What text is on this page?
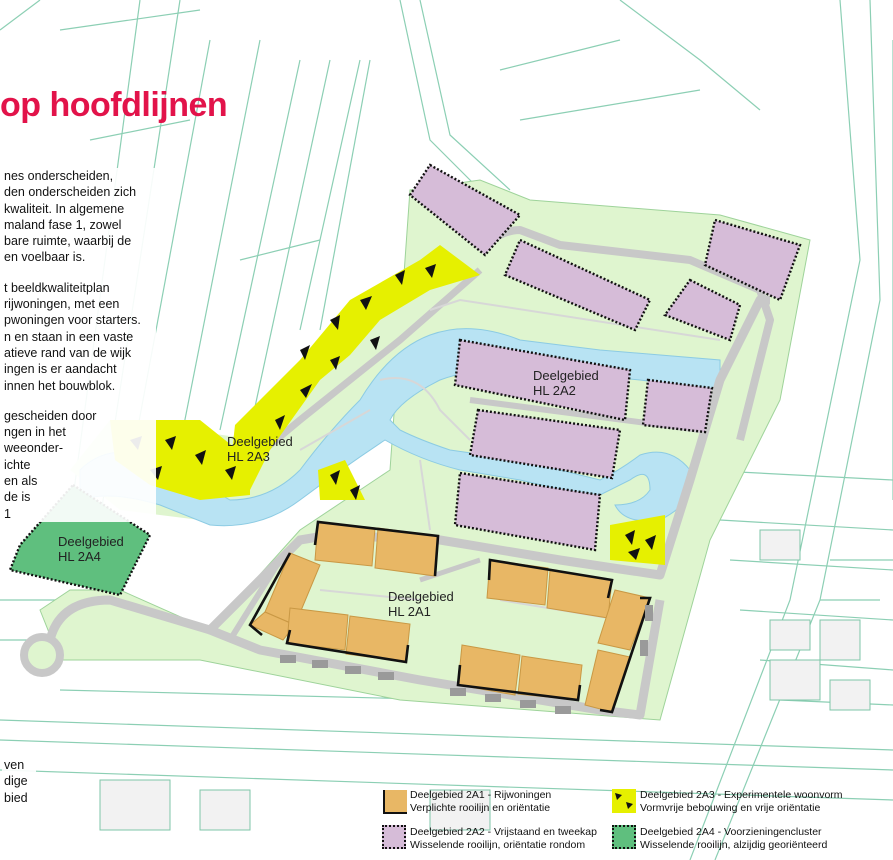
op hoofdlijnen

nes onderscheiden,

den onderscheiden zich

kwaliteit. In algemene

maland fase 1, zowel

bare ruimte, waarbij de

en voelbaar is.

t beeldkwaliteitplan

rijwoningen, met een

pwoningen voor starters.

n en staan in een vaste

atieve rand van de wijk

ingen is er aandacht

innen het bouwblok.

gescheiden door

ngen in het

weeonder-

ichte

en als

de is

1

ven

dige

bied

Deelgebied
HL 2A3
Deelgebied
HL 2A2
Deelgebied
HL 2A4
Deelgebied
HL 2A1
Deelgebied 2A1 - Rijwoningen
Verplichte rooilijn en oriëntatie
Deelgebied 2A3 - Experimentele woonvorm
Vormvrije bebouwing en vrije oriëntatie
Deelgebied 2A2 - Vrijstaand en tweekap
Wisselende rooilijn, oriëntatie rondom
Deelgebied 2A4 - Voorzieningencluster
Wisselende rooilijn, alzijdig georiënteerd
